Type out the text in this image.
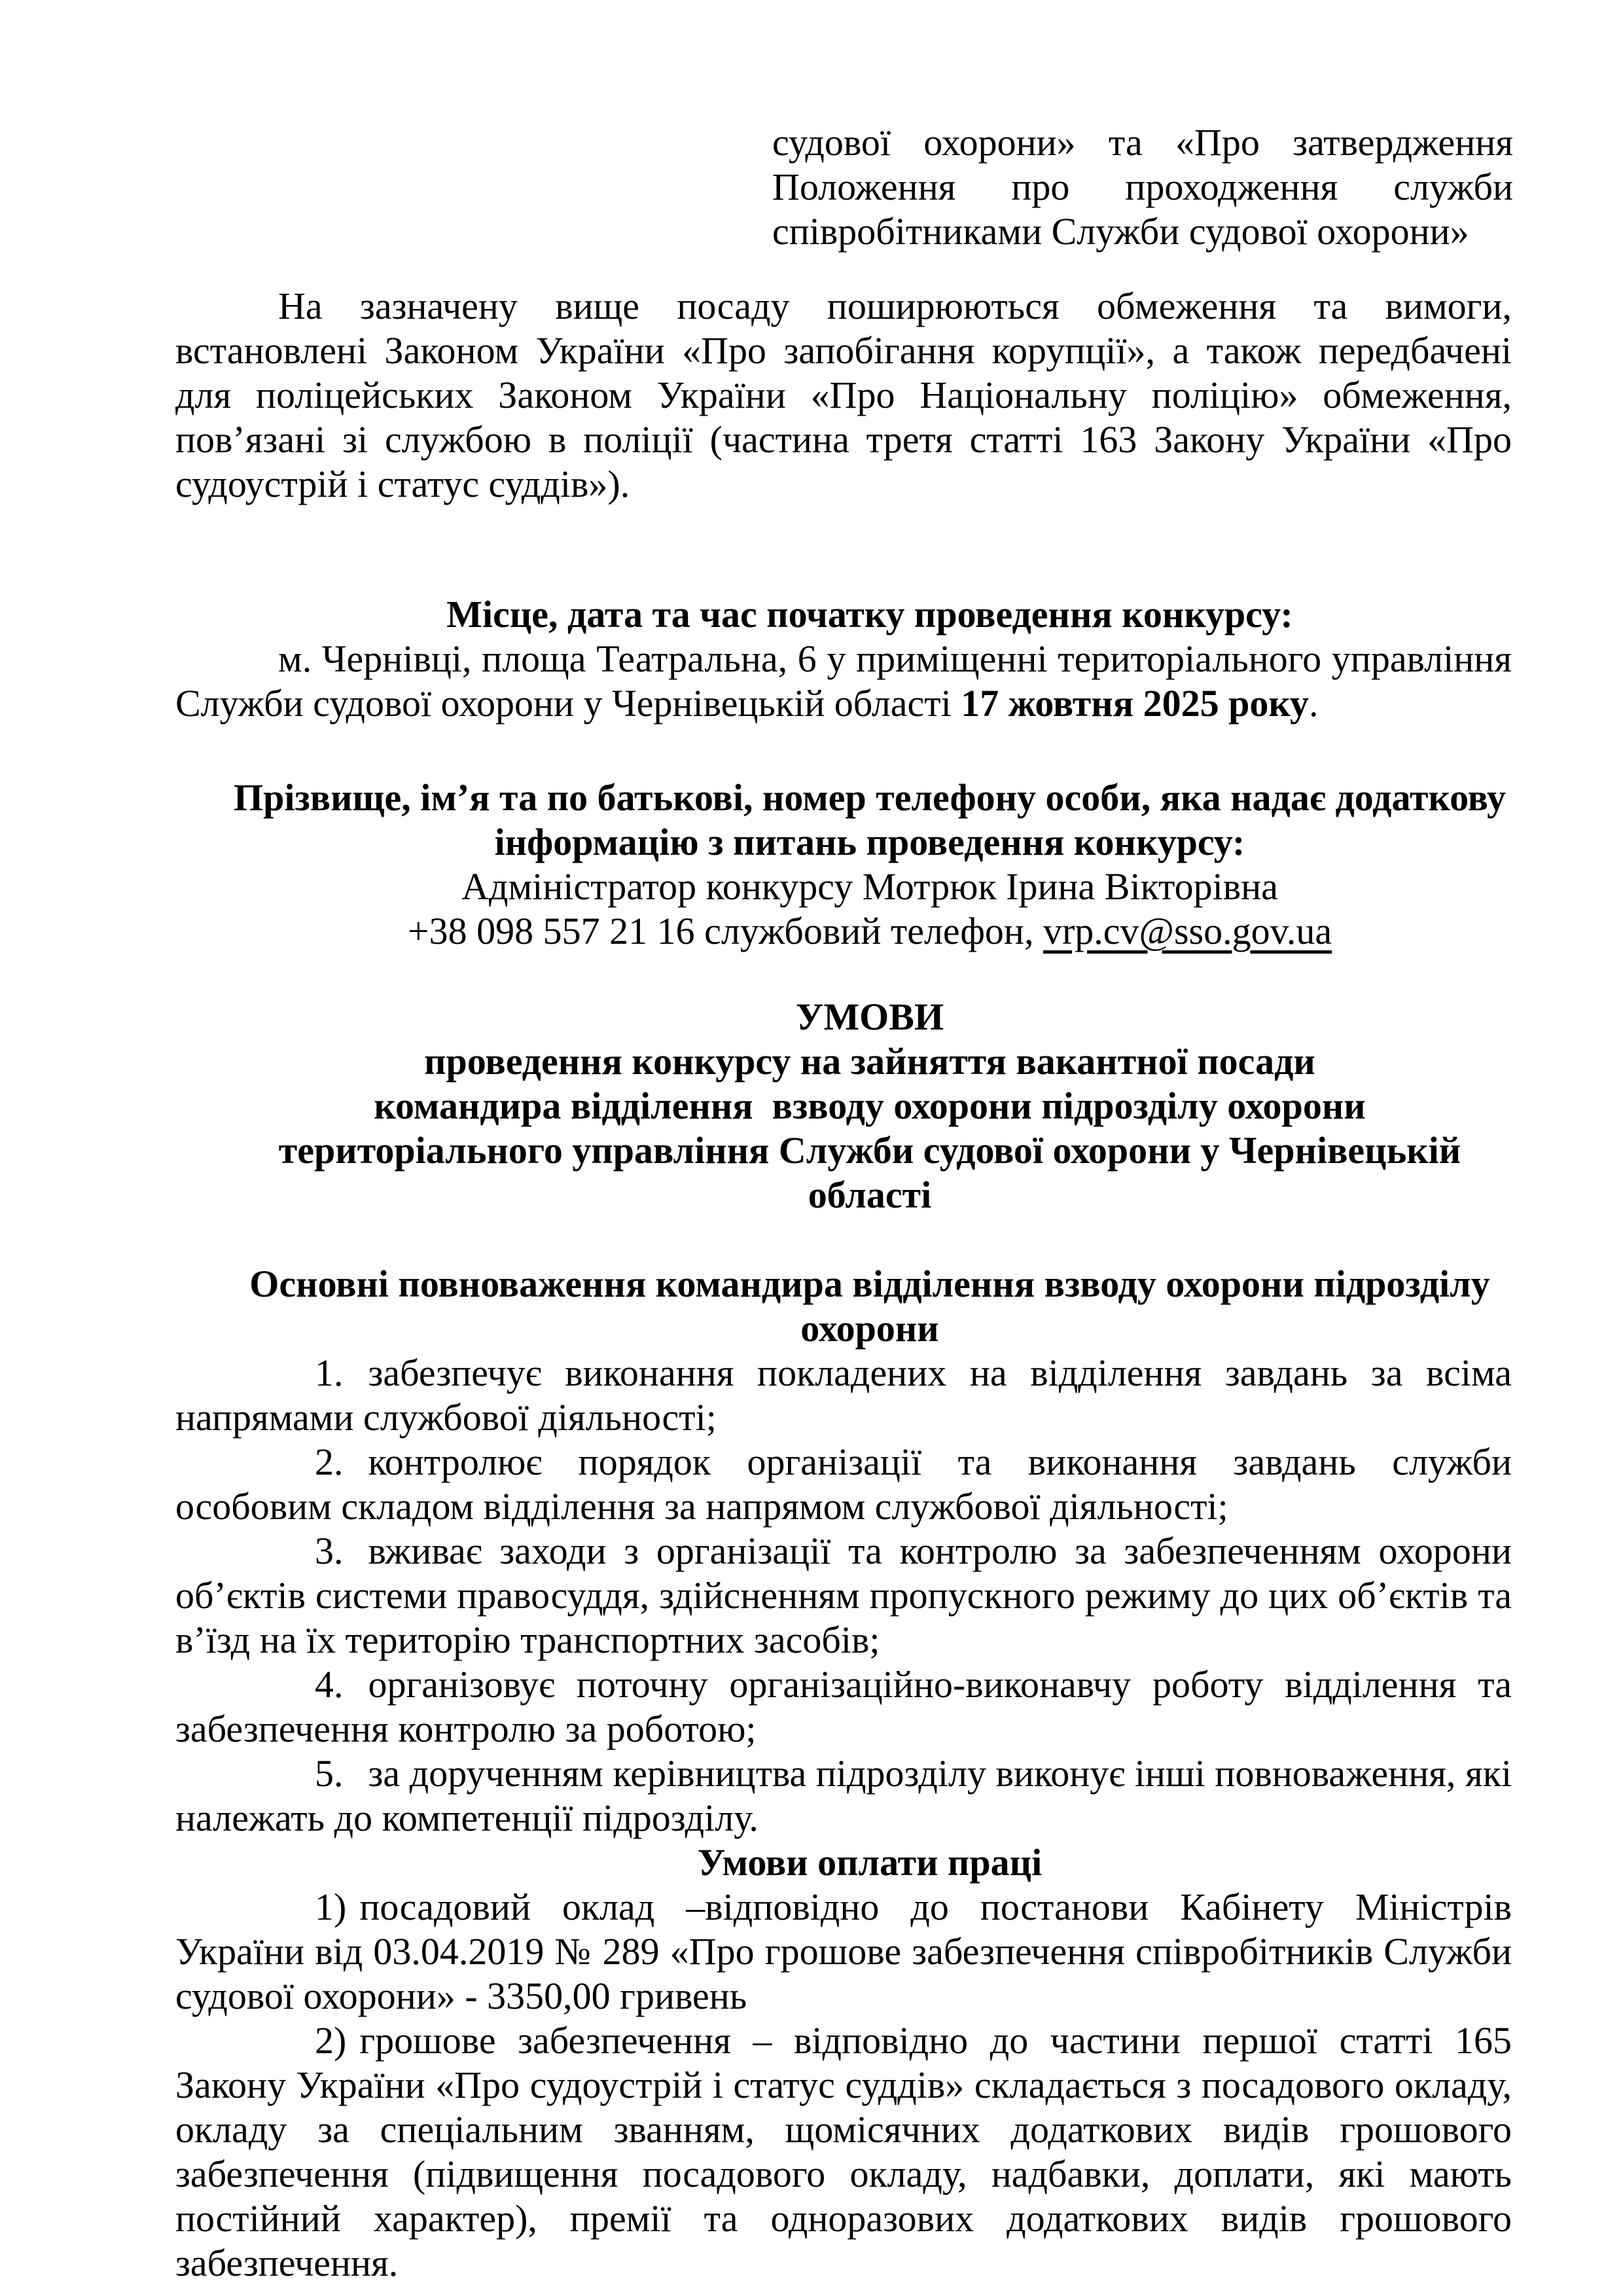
судової охорони» та «Про затвердження Положення про проходження служби співробітниками Служби судової охорони»

На зазначену вище посаду поширюються обмеження та вимоги, встановлені Законом України «Про запобігання корупції», а також передбачені для поліцейських Законом України «Про Національну поліцію» обмеження, пов’язані зі службою в поліції (частина третя статті 163 Закону України «Про судоустрій і статус суддів»).

Місце, дата та час початку проведення конкурсу:

м. Чернівці, площа Театральна, 6 у приміщенні територіального управління Служби судової охорони у Чернівецькій області 17 жовтня 2025 року.

Прізвище, ім’я та по батькові, номер телефону особи, яка надає додаткову інформацію з питань проведення конкурсу:

Адміністратор конкурсу Мотрюк Ірина Вікторівна

+38 098 557 21 16 службовий телефон, vrp.cv@sso.gov.ua

УМОВИ

проведення конкурсу на зайняття вакантної посади

командира відділення  взводу охорони підрозділу охорони територіального управління Служби судової охорони у Чернівецькій області

Основні повноваження командира відділення взводу охорони підрозділу охорони

1. забезпечує виконання покладених на відділення завдань за всіма напрямами службової діяльності;

2. контролює порядок організації та виконання завдань служби особовим складом відділення за напрямом службової діяльності;

3. вживає заходи з організації та контролю за забезпеченням охорони об’єктів системи правосуддя, здійсненням пропускного режиму до цих об’єктів та в’їзд на їх територію транспортних засобів;

4. організовує поточну організаційно-виконавчу роботу відділення та забезпечення контролю за роботою;

5. за дорученням керівництва підрозділу виконує інші повноваження, які належать до компетенції підрозділу.

Умови оплати праці

1) посадовий оклад –відповідно до постанови Кабінету Міністрів України від 03.04.2019 № 289 «Про грошове забезпечення співробітників Служби судової охорони» - 3350,00 гривень

2) грошове забезпечення – відповідно до частини першої статті 165 Закону України «Про судоустрій і статус суддів» складається з посадового окладу, окладу за спеціальним званням, щомісячних додаткових видів грошового забезпечення (підвищення посадового окладу, надбавки, доплати, які мають постійний характер), премії та одноразових додаткових видів грошового забезпечення.
